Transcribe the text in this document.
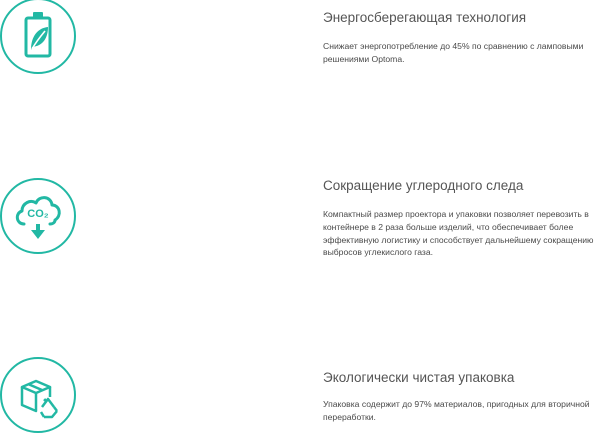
Энергосберегающая технология

Снижает энергопотребление до 45% по сравнению с ламповыми решениями Optoma.

CO₂
Сокращение углеродного следа

Компактный размер проектора и упаковки позволяет перевозить в контейнере в 2 раза больше изделий, что обеспечивает более эффективную логистику и способствует дальнейшему сокращению выбросов углекислого газа.

Экологически чистая упаковка

Упаковка содержит до 97% материалов, пригодных для вторичной переработки.
